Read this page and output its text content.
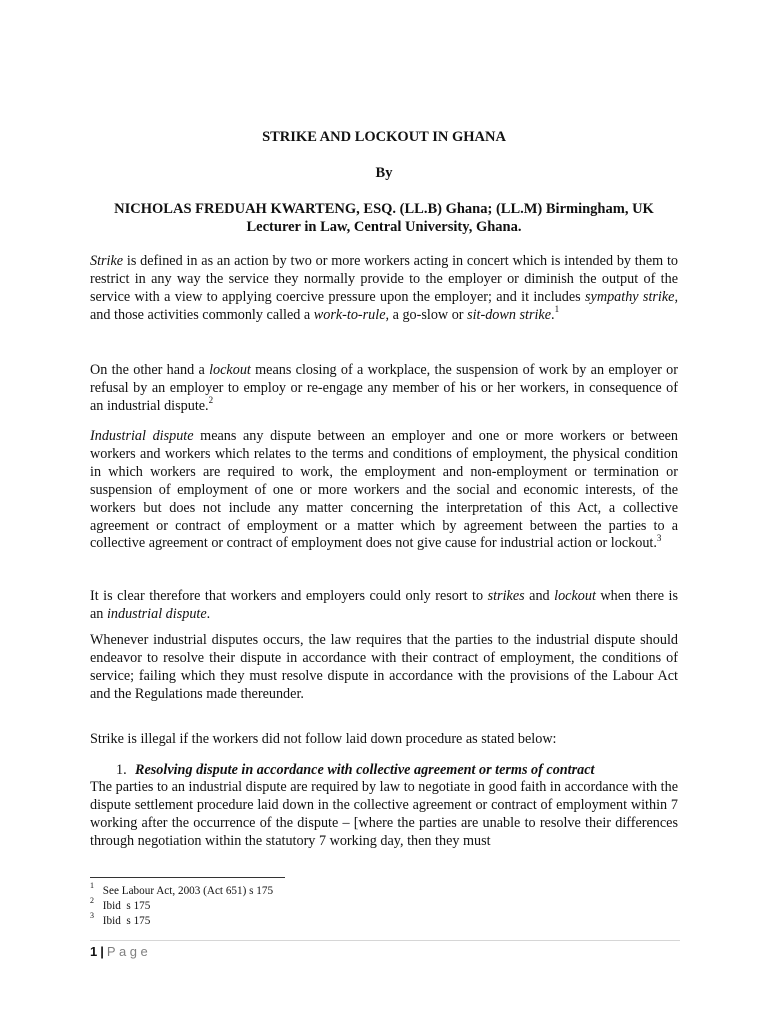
STRIKE AND LOCKOUT IN GHANA
By
NICHOLAS FREDUAH KWARTENG, ESQ. (LL.B) Ghana; (LL.M) Birmingham, UK
Lecturer in Law, Central University, Ghana.

Strike is defined in as an action by two or more workers acting in concert which is intended by them to restrict in any way the service they normally provide to the employer or diminish the output of the service with a view to applying coercive pressure upon the employer; and it includes sympathy strike, and those activities commonly called a work-to-rule, a go-slow or sit-down strike.$^1$

On the other hand a lockout means closing of a workplace, the suspension of work by an employer or refusal by an employer to employ or re-engage any member of his or her workers, in consequence of an industrial dispute.$^2$

Industrial dispute means any dispute between an employer and one or more workers or between workers and workers which relates to the terms and conditions of employment, the physical condition in which workers are required to work, the employment and non-employment or termination or suspension of employment of one or more workers and the social and economic interests, of the workers but does not include any matter concerning the interpretation of this Act, a collective agreement or contract of employment or a matter which by agreement between the parties to a collective agreement or contract of employment does not give cause for industrial action or lockout.$^3$

It is clear therefore that workers and employers could only resort to strikes and lockout when there is an industrial dispute.

Whenever industrial disputes occurs, the law requires that the parties to the industrial dispute should endeavor to resolve their dispute in accordance with their contract of employment, the conditions of service; failing which they must resolve dispute in accordance with the provisions of the Labour Act and the Regulations made thereunder.

Strike is illegal if the workers did not follow laid down procedure as stated below:

1. Resolving dispute in accordance with collective agreement or terms of contract

The parties to an industrial dispute are required by law to negotiate in good faith in accordance with the dispute settlement procedure laid down in the collective agreement or contract of employment within 7 working after the occurrence of the dispute – [where the parties are unable to resolve their differences through negotiation within the statutory 7 working day, then they must

$^1$ See Labour Act, 2003 (Act 651) s 175
$^2$ Ibid  s 175
$^3$ Ibid  s 175
1 | Page
